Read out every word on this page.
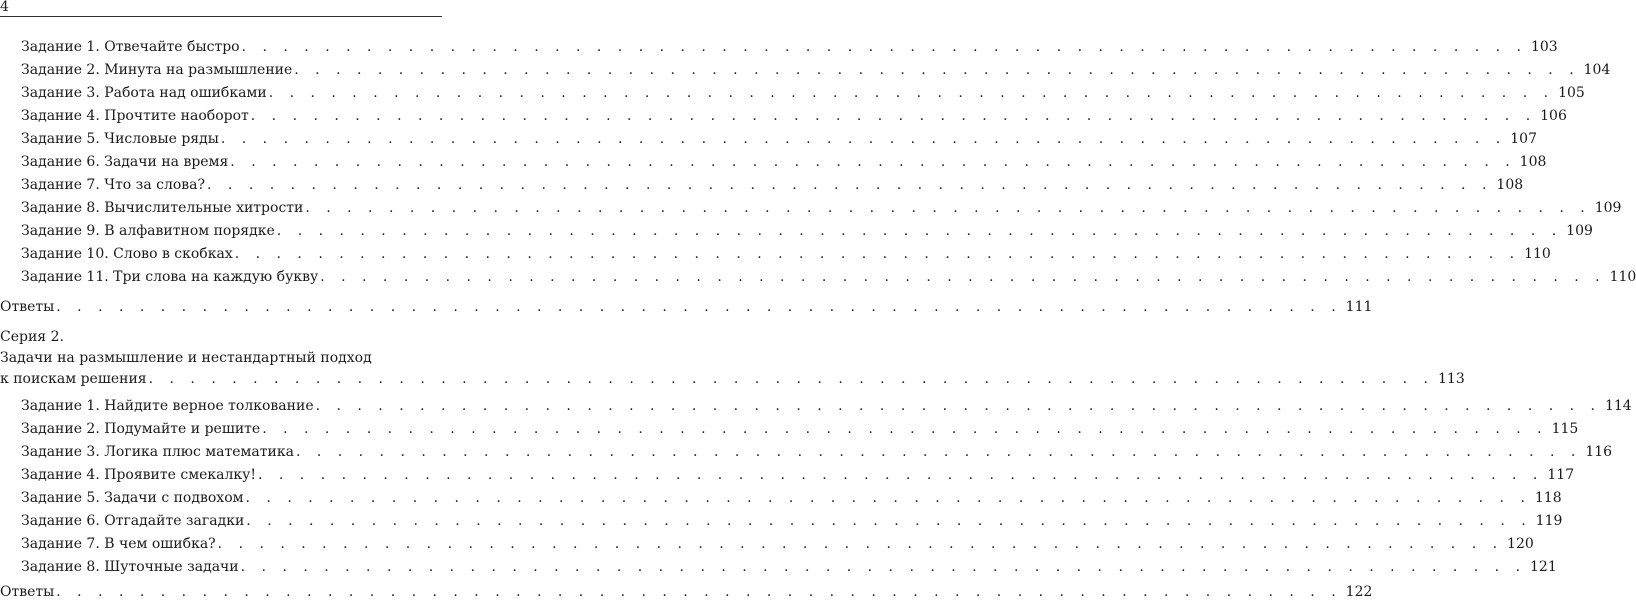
4
Задание 1. Отвечайте быстро . . . . . . . . . . . . . . . . . . . . . . . . . . . . . . . . . . . . . . . . . . . . . . . . . . . . . . . . . . . . . . 103
Задание 2. Минута на размышление . . . . . . . . . . . . . . . . . . . . . . . . . . . . . . . . . . . . . . . . . . . . . . . . . . . . . . . . . . . . . . 104
Задание 3. Работа над ошибками . . . . . . . . . . . . . . . . . . . . . . . . . . . . . . . . . . . . . . . . . . . . . . . . . . . . . . . . . . . . . . 105
Задание 4. Прочтите наоборот . . . . . . . . . . . . . . . . . . . . . . . . . . . . . . . . . . . . . . . . . . . . . . . . . . . . . . . . . . . . . . 106
Задание 5. Числовые ряды . . . . . . . . . . . . . . . . . . . . . . . . . . . . . . . . . . . . . . . . . . . . . . . . . . . . . . . . . . . . . . 107
Задание 6. Задачи на время . . . . . . . . . . . . . . . . . . . . . . . . . . . . . . . . . . . . . . . . . . . . . . . . . . . . . . . . . . . . . . 108
Задание 7. Что за слова? . . . . . . . . . . . . . . . . . . . . . . . . . . . . . . . . . . . . . . . . . . . . . . . . . . . . . . . . . . . . . . 108
Задание 8. Вычислительные хитрости . . . . . . . . . . . . . . . . . . . . . . . . . . . . . . . . . . . . . . . . . . . . . . . . . . . . . . . . . . . . . . 109
Задание 9. В алфавитном порядке . . . . . . . . . . . . . . . . . . . . . . . . . . . . . . . . . . . . . . . . . . . . . . . . . . . . . . . . . . . . . . 109
Задание 10. Слово в скобках . . . . . . . . . . . . . . . . . . . . . . . . . . . . . . . . . . . . . . . . . . . . . . . . . . . . . . . . . . . . . . 110
Задание 11. Три слова на каждую букву . . . . . . . . . . . . . . . . . . . . . . . . . . . . . . . . . . . . . . . . . . . . . . . . . . . . . . . . . . . . . . 110
Ответы . . . . . . . . . . . . . . . . . . . . . . . . . . . . . . . . . . . . . . . . . . . . . . . . . . . . . . . . . . . . . . 111
Серия 2.
Задачи на размышление и нестандартный подход
к поискам решения . . . . . . . . . . . . . . . . . . . . . . . . . . . . . . . . . . . . . . . . . . . . . . . . . . . . . . . . . . . . . . 113
Задание 1. Найдите верное толкование . . . . . . . . . . . . . . . . . . . . . . . . . . . . . . . . . . . . . . . . . . . . . . . . . . . . . . . . . . . . . . 114
Задание 2. Подумайте и решите . . . . . . . . . . . . . . . . . . . . . . . . . . . . . . . . . . . . . . . . . . . . . . . . . . . . . . . . . . . . . . 115
Задание 3. Логика плюс математика . . . . . . . . . . . . . . . . . . . . . . . . . . . . . . . . . . . . . . . . . . . . . . . . . . . . . . . . . . . . . . 116
Задание 4. Проявите смекалку! . . . . . . . . . . . . . . . . . . . . . . . . . . . . . . . . . . . . . . . . . . . . . . . . . . . . . . . . . . . . . . 117
Задание 5. Задачи с подвохом . . . . . . . . . . . . . . . . . . . . . . . . . . . . . . . . . . . . . . . . . . . . . . . . . . . . . . . . . . . . . . 118
Задание 6. Отгадайте загадки . . . . . . . . . . . . . . . . . . . . . . . . . . . . . . . . . . . . . . . . . . . . . . . . . . . . . . . . . . . . . . 119
Задание 7. В чем ошибка? . . . . . . . . . . . . . . . . . . . . . . . . . . . . . . . . . . . . . . . . . . . . . . . . . . . . . . . . . . . . . . 120
Задание 8. Шуточные задачи . . . . . . . . . . . . . . . . . . . . . . . . . . . . . . . . . . . . . . . . . . . . . . . . . . . . . . . . . . . . . . 121
Ответы . . . . . . . . . . . . . . . . . . . . . . . . . . . . . . . . . . . . . . . . . . . . . . . . . . . . . . . . . . . . . . 122
